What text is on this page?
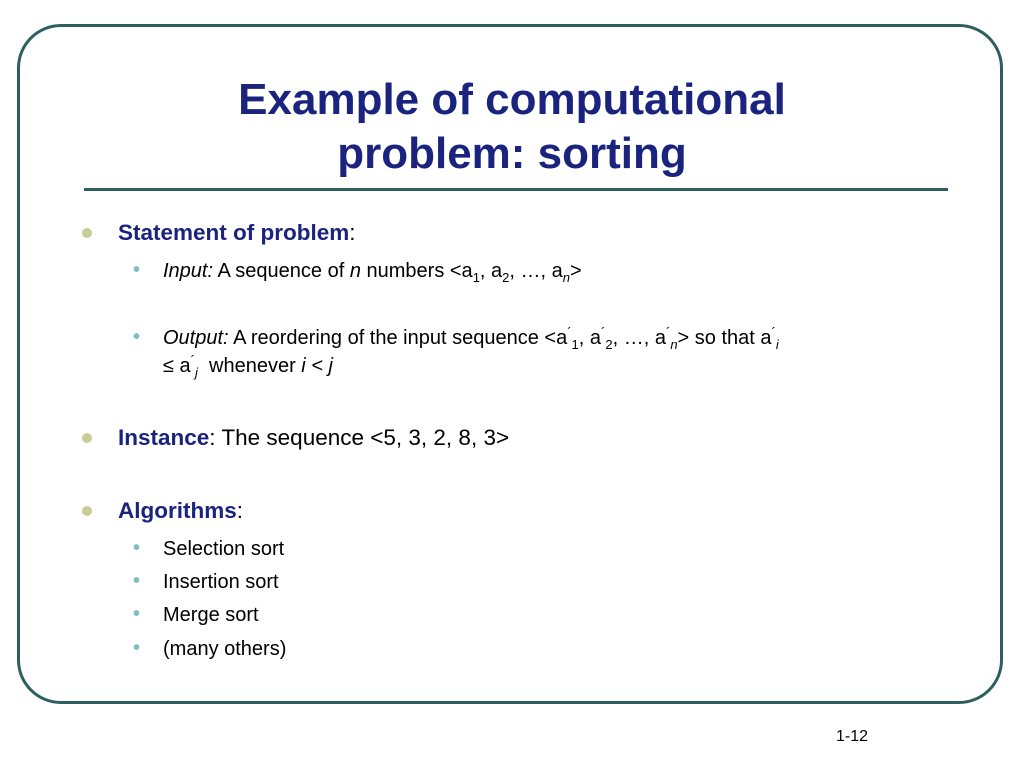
Example of computational
problem: sorting
Statement of problem:
• Input: A sequence of n numbers $<a_1$, $a_2$, …, $a_n>$
• Output: A reordering of the input sequence $<a^´_1$, $a^´_2$, …, $a^´_n>$ so that $a^´_i$
≤ $a^´_j$  whenever i < j
Instance: The sequence <5, 3, 2, 8, 3>
Algorithms:
• Selection sort
• Insertion sort
• Merge sort
• (many others)
1-12
